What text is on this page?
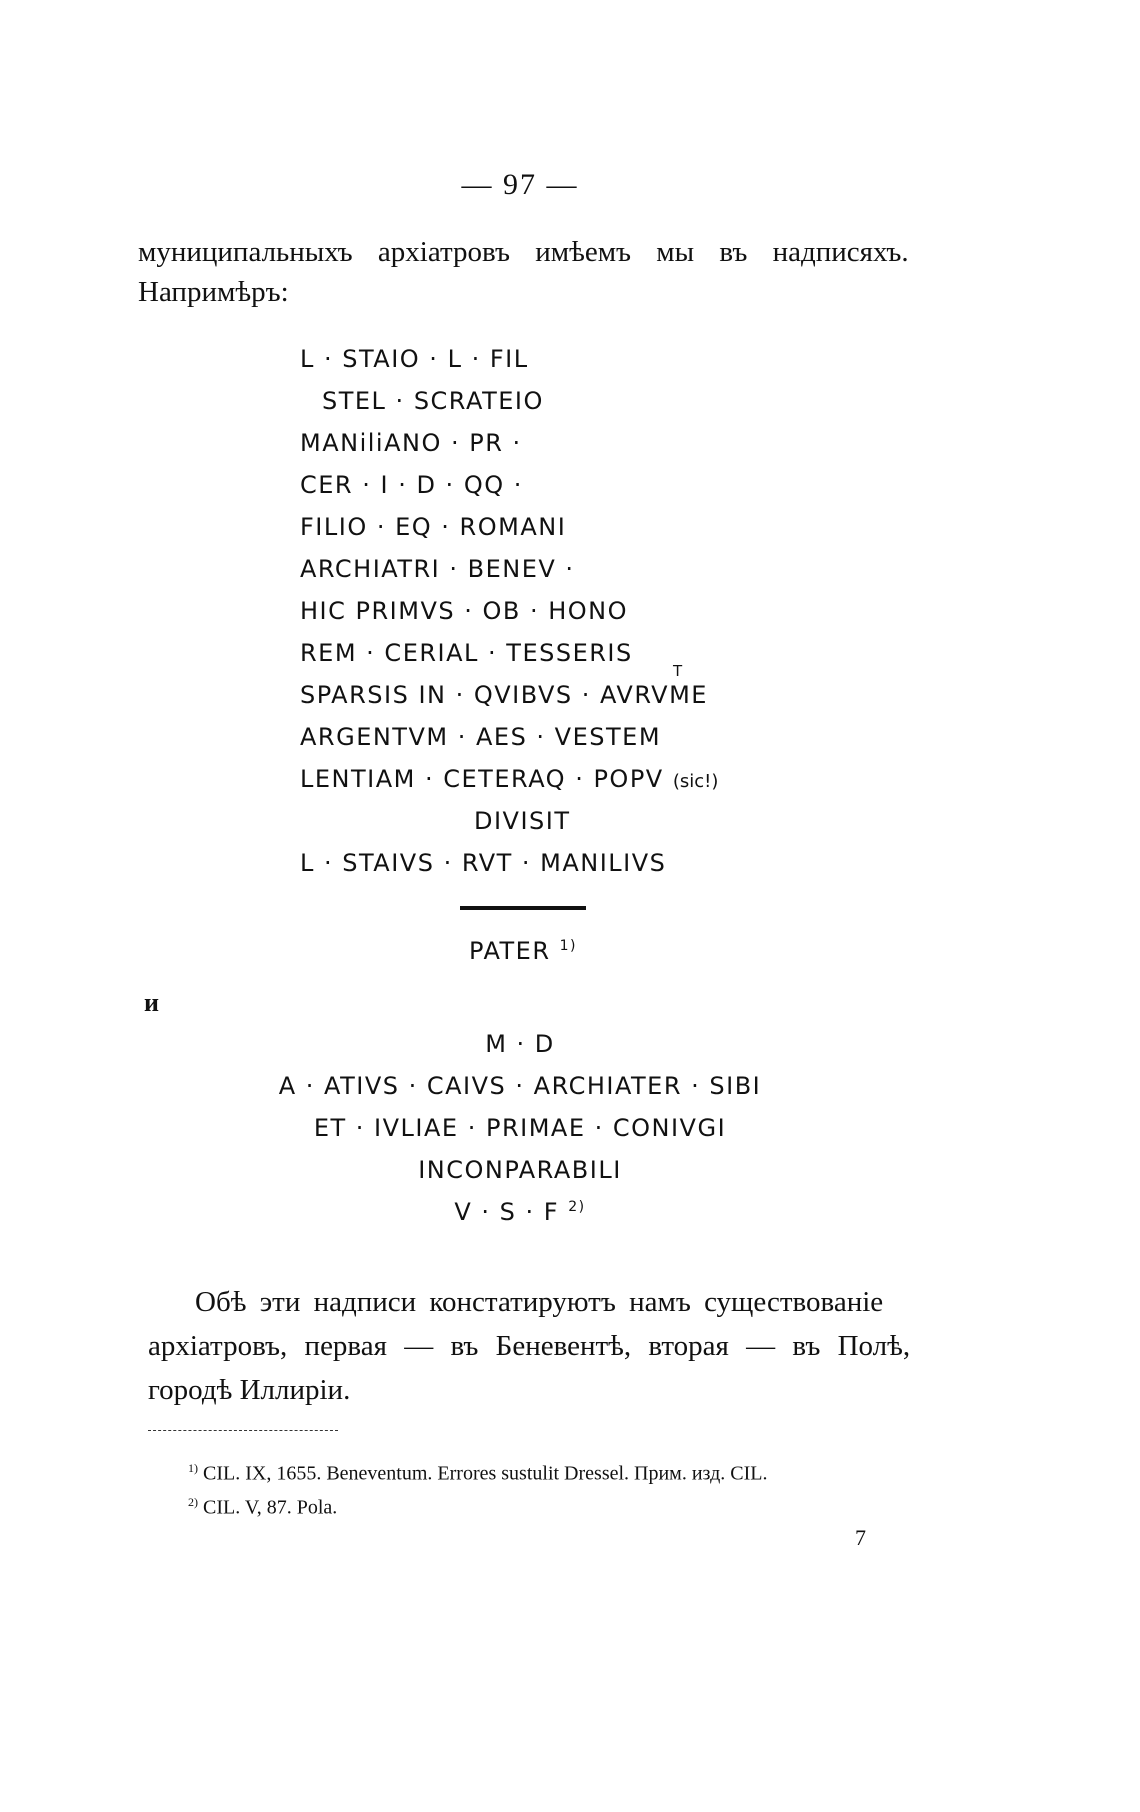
— 97 —
муниципальныхъ архіатровъ имѣемъ мы въ надписяхъ.
Напримѣръ:
L · STAIO · L · FIL
STEL · SCRATEIO
MANiliANO · PR ·
CER · I · D · QQ ·
FILIO · EQ · ROMANI
ARCHIATRI · BENEV ·
HIC PRIMVS · OB · HONO
REM · CERIAL · TESSERIS
SPARSIS IN · QVIBVS · AVRVME
T
ARGENTVM · AES · VESTEM
LENTIAM · CETERAQ · POPV (sic!)
DIVISIT
L · STAIVS · RVT · MANILIVS
PATER $^{1)}$
и
M · D
A · ATIVS · CAIVS · ARCHIATER · SIBI
ET · IVLIAE · PRIMAE · CONIVGI
INCONPARABILI
V · S · F $^{2)}$
Обѣ эти надписи констатируютъ намъ существованіе
архіатровъ, первая — въ Беневентѣ, вторая — въ Полѣ,
городѣ Иллиріи.
$^{1)}$ CIL. IX, 1655. Beneventum. Errores sustulit Dressel. Прим. изд. CIL.
$^{2)}$ CIL. V, 87. Pola.
7
